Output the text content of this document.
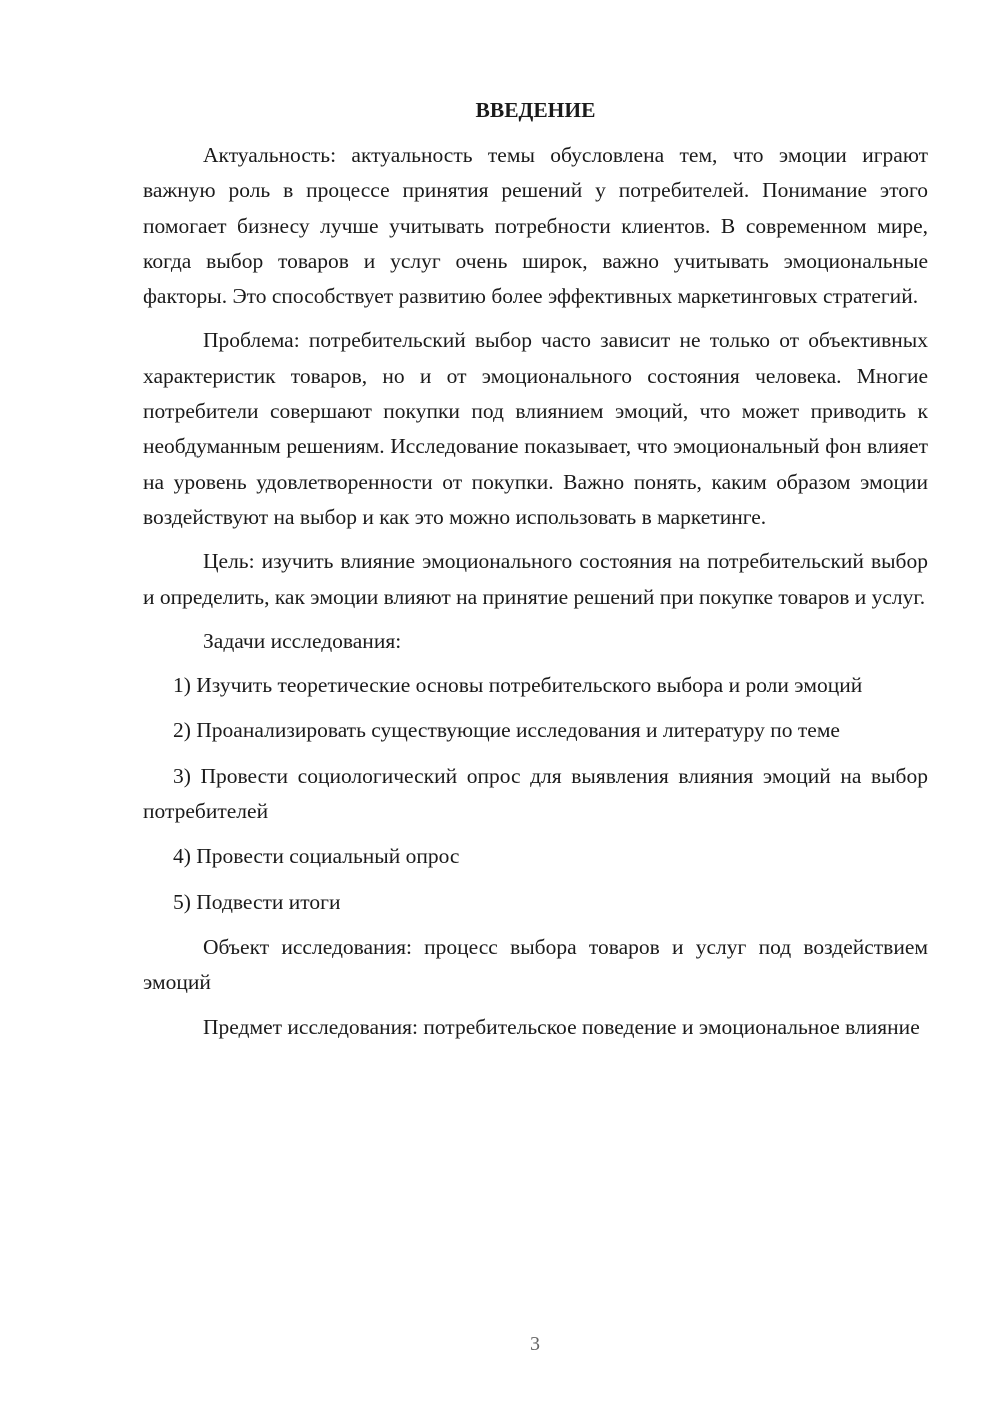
ВВЕДЕНИЕ

Актуальность: актуальность темы обусловлена тем, что эмоции играют важную роль в процессе принятия решений у потребителей. Понимание этого помогает бизнесу лучше учитывать потребности клиентов. В современном мире, когда выбор товаров и услуг очень широк, важно учитывать эмоциональные факторы. Это способствует развитию более эффективных маркетинговых стратегий.

Проблема: потребительский выбор часто зависит не только от объективных характеристик товаров, но и от эмоционального состояния человека. Многие потребители совершают покупки под влиянием эмоций, что может приводить к необдуманным решениям. Исследование показывает, что эмоциональный фон влияет на уровень удовлетворенности от покупки. Важно понять, каким образом эмоции воздействуют на выбор и как это можно использовать в маркетинге.

Цель: изучить влияние эмоционального состояния на потребительский выбор и определить, как эмоции влияют на принятие решений при покупке товаров и услуг.

Задачи исследования:

1) Изучить теоретические основы потребительского выбора и роли эмоций

2) Проанализировать существующие исследования и литературу по теме

3) Провести социологический опрос для выявления влияния эмоций на выбор потребителей

4) Провести социальный опрос

5) Подвести итоги

Объект исследования: процесс выбора товаров и услуг под воздействием эмоций

Предмет исследования: потребительское поведение и эмоциональное влияние

3
